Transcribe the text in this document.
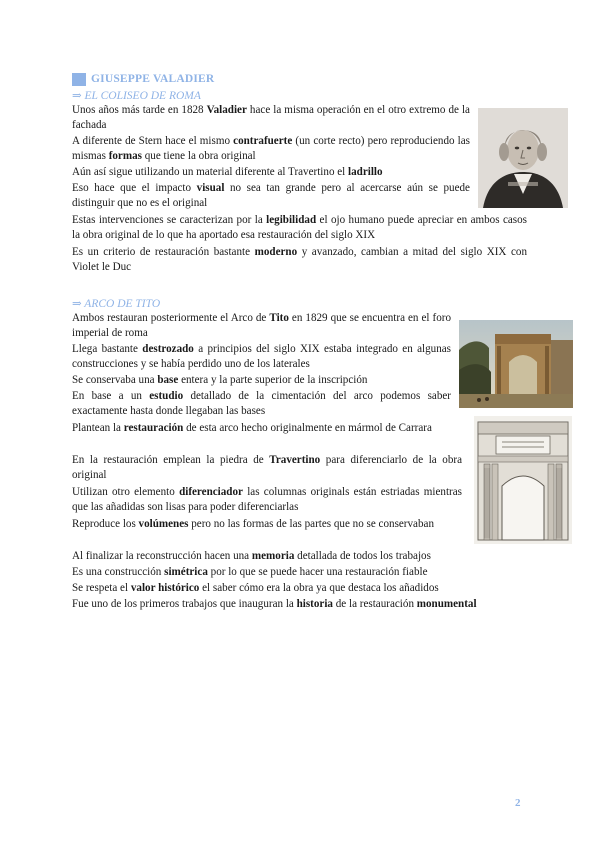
GIUSEPPE VALADIER
⇒ EL COLISEO DE ROMA
Unos años más tarde en 1828 Valadier hace la misma operación en el otro extremo de la fachada
A diferente de Stern hace el mismo contrafuerte (un corte recto) pero reproduciendo las mismas formas que tiene la obra original
Aún así sigue utilizando un material diferente al Travertino el ladrillo
Eso hace que el impacto visual no sea tan grande pero al acercarse aún se puede distinguir que no es el original
Estas intervenciones se caracterizan por la legibilidad el ojo humano puede apreciar en ambos casos la obra original de lo que ha aportado esa restauración del siglo XIX
Es un criterio de restauración bastante moderno y avanzado, cambian a mitad del siglo XIX con Violet le Duc
⇒ ARCO DE TITO
Ambos restauran posteriormente el Arco de Tito en 1829 que se encuentra en el foro imperial de roma
Llega bastante destrozado a principios del siglo XIX estaba integrado en algunas construcciones y se había perdido uno de los laterales
Se conservaba una base entera y la parte superior de la inscripción
En base a un estudio detallado de la cimentación del arco podemos saber exactamente hasta donde llegaban las bases
Plantean la restauración de esta arco hecho originalmente en mármol de Carrara
En la restauración emplean la piedra de Travertino para diferenciarlo de la obra original
Utilizan otro elemento diferenciador las columnas originals están estriadas mientras que las añadidas son lisas para poder diferenciarlas
Reproduce los volúmenes pero no las formas de las partes que no se conservaban
Al finalizar la reconstrucción hacen una memoria detallada de todos los trabajos
Es una construcción simétrica por lo que se puede hacer una restauración fiable
Se respeta el valor histórico el saber cómo era la obra ya que destaca los añadidos
Fue uno de los primeros trabajos que inauguran la historia de la restauración monumental
2
